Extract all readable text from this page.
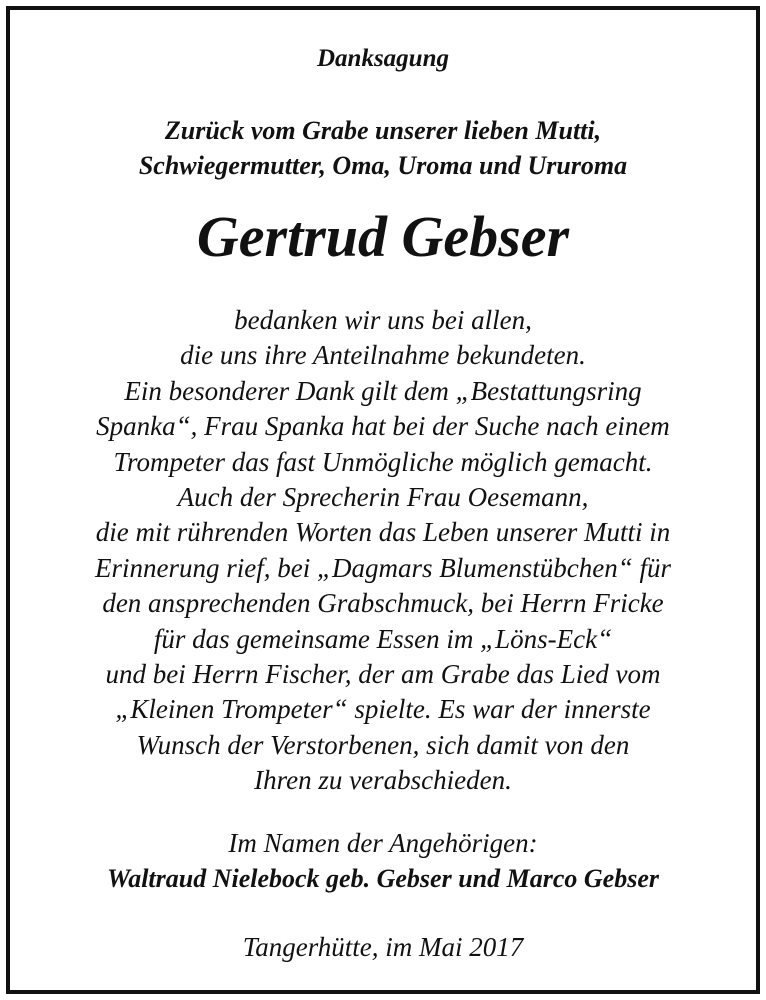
Danksagung
Zurück vom Grabe unserer lieben Mutti,
Schwiegermutter, Oma, Uroma und Ururoma
Gertrud Gebser
bedanken wir uns bei allen,
die uns ihre Anteilnahme bekundeten.
Ein besonderer Dank gilt dem „Bestattungsring
Spanka“, Frau Spanka hat bei der Suche nach einem
Trompeter das fast Unmögliche möglich gemacht.
Auch der Sprecherin Frau Oesemann,
die mit rührenden Worten das Leben unserer Mutti in
Erinnerung rief, bei „Dagmars Blumenstübchen“ für
den ansprechenden Grabschmuck, bei Herrn Fricke
für das gemeinsame Essen im „Löns-Eck“
und bei Herrn Fischer, der am Grabe das Lied vom
„Kleinen Trompeter“ spielte. Es war der innerste
Wunsch der Verstorbenen, sich damit von den
Ihren zu verabschieden.
Im Namen der Angehörigen:
Waltraud Nielebock geb. Gebser und Marco Gebser
Tangerhütte, im Mai 2017
